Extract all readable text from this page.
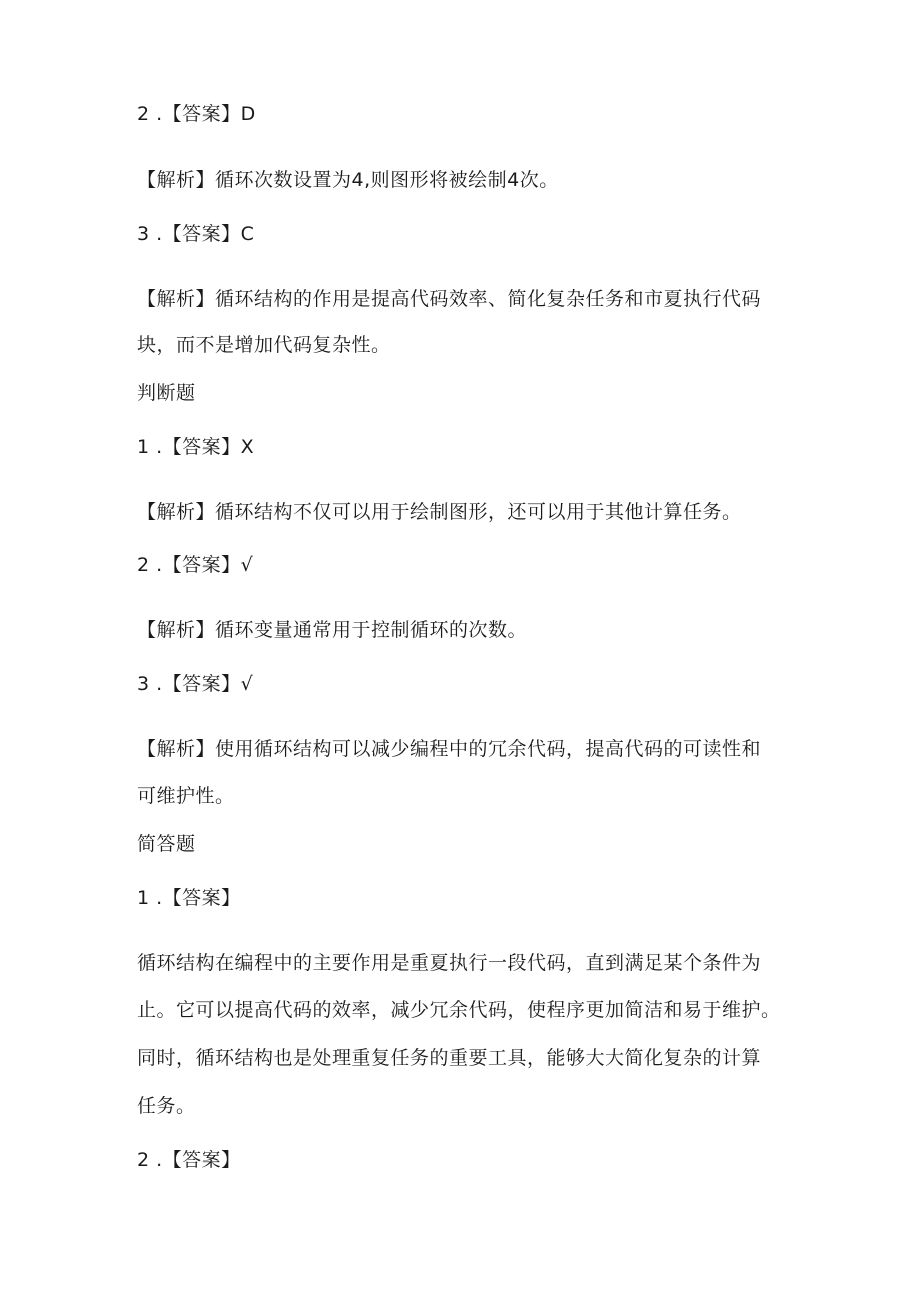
2 .【答案】D
【解析】循环次数设置为4,则图形将被绘制4次。
3 .【答案】C
【解析】循环结构的作用是提高代码效率、简化复杂任务和市夏执行代码
块，而不是增加代码复杂性。
判断题
1 .【答案】X
【解析】循环结构不仅可以用于绘制图形，还可以用于其他计算任务。
2 .【答案】√
【解析】循环变量通常用于控制循环的次数。
3 .【答案】√
【解析】使用循环结构可以减少编程中的冗余代码，提高代码的可读性和
可维护性。
简答题
1 .【答案】
循环结构在编程中的主要作用是重夏执行一段代码，直到满足某个条件为
止。它可以提高代码的效率，减少冗余代码，使程序更加简洁和易于维护。
同时，循环结构也是处理重复任务的重要工具，能够大大简化复杂的计算
任务。
2 .【答案】
